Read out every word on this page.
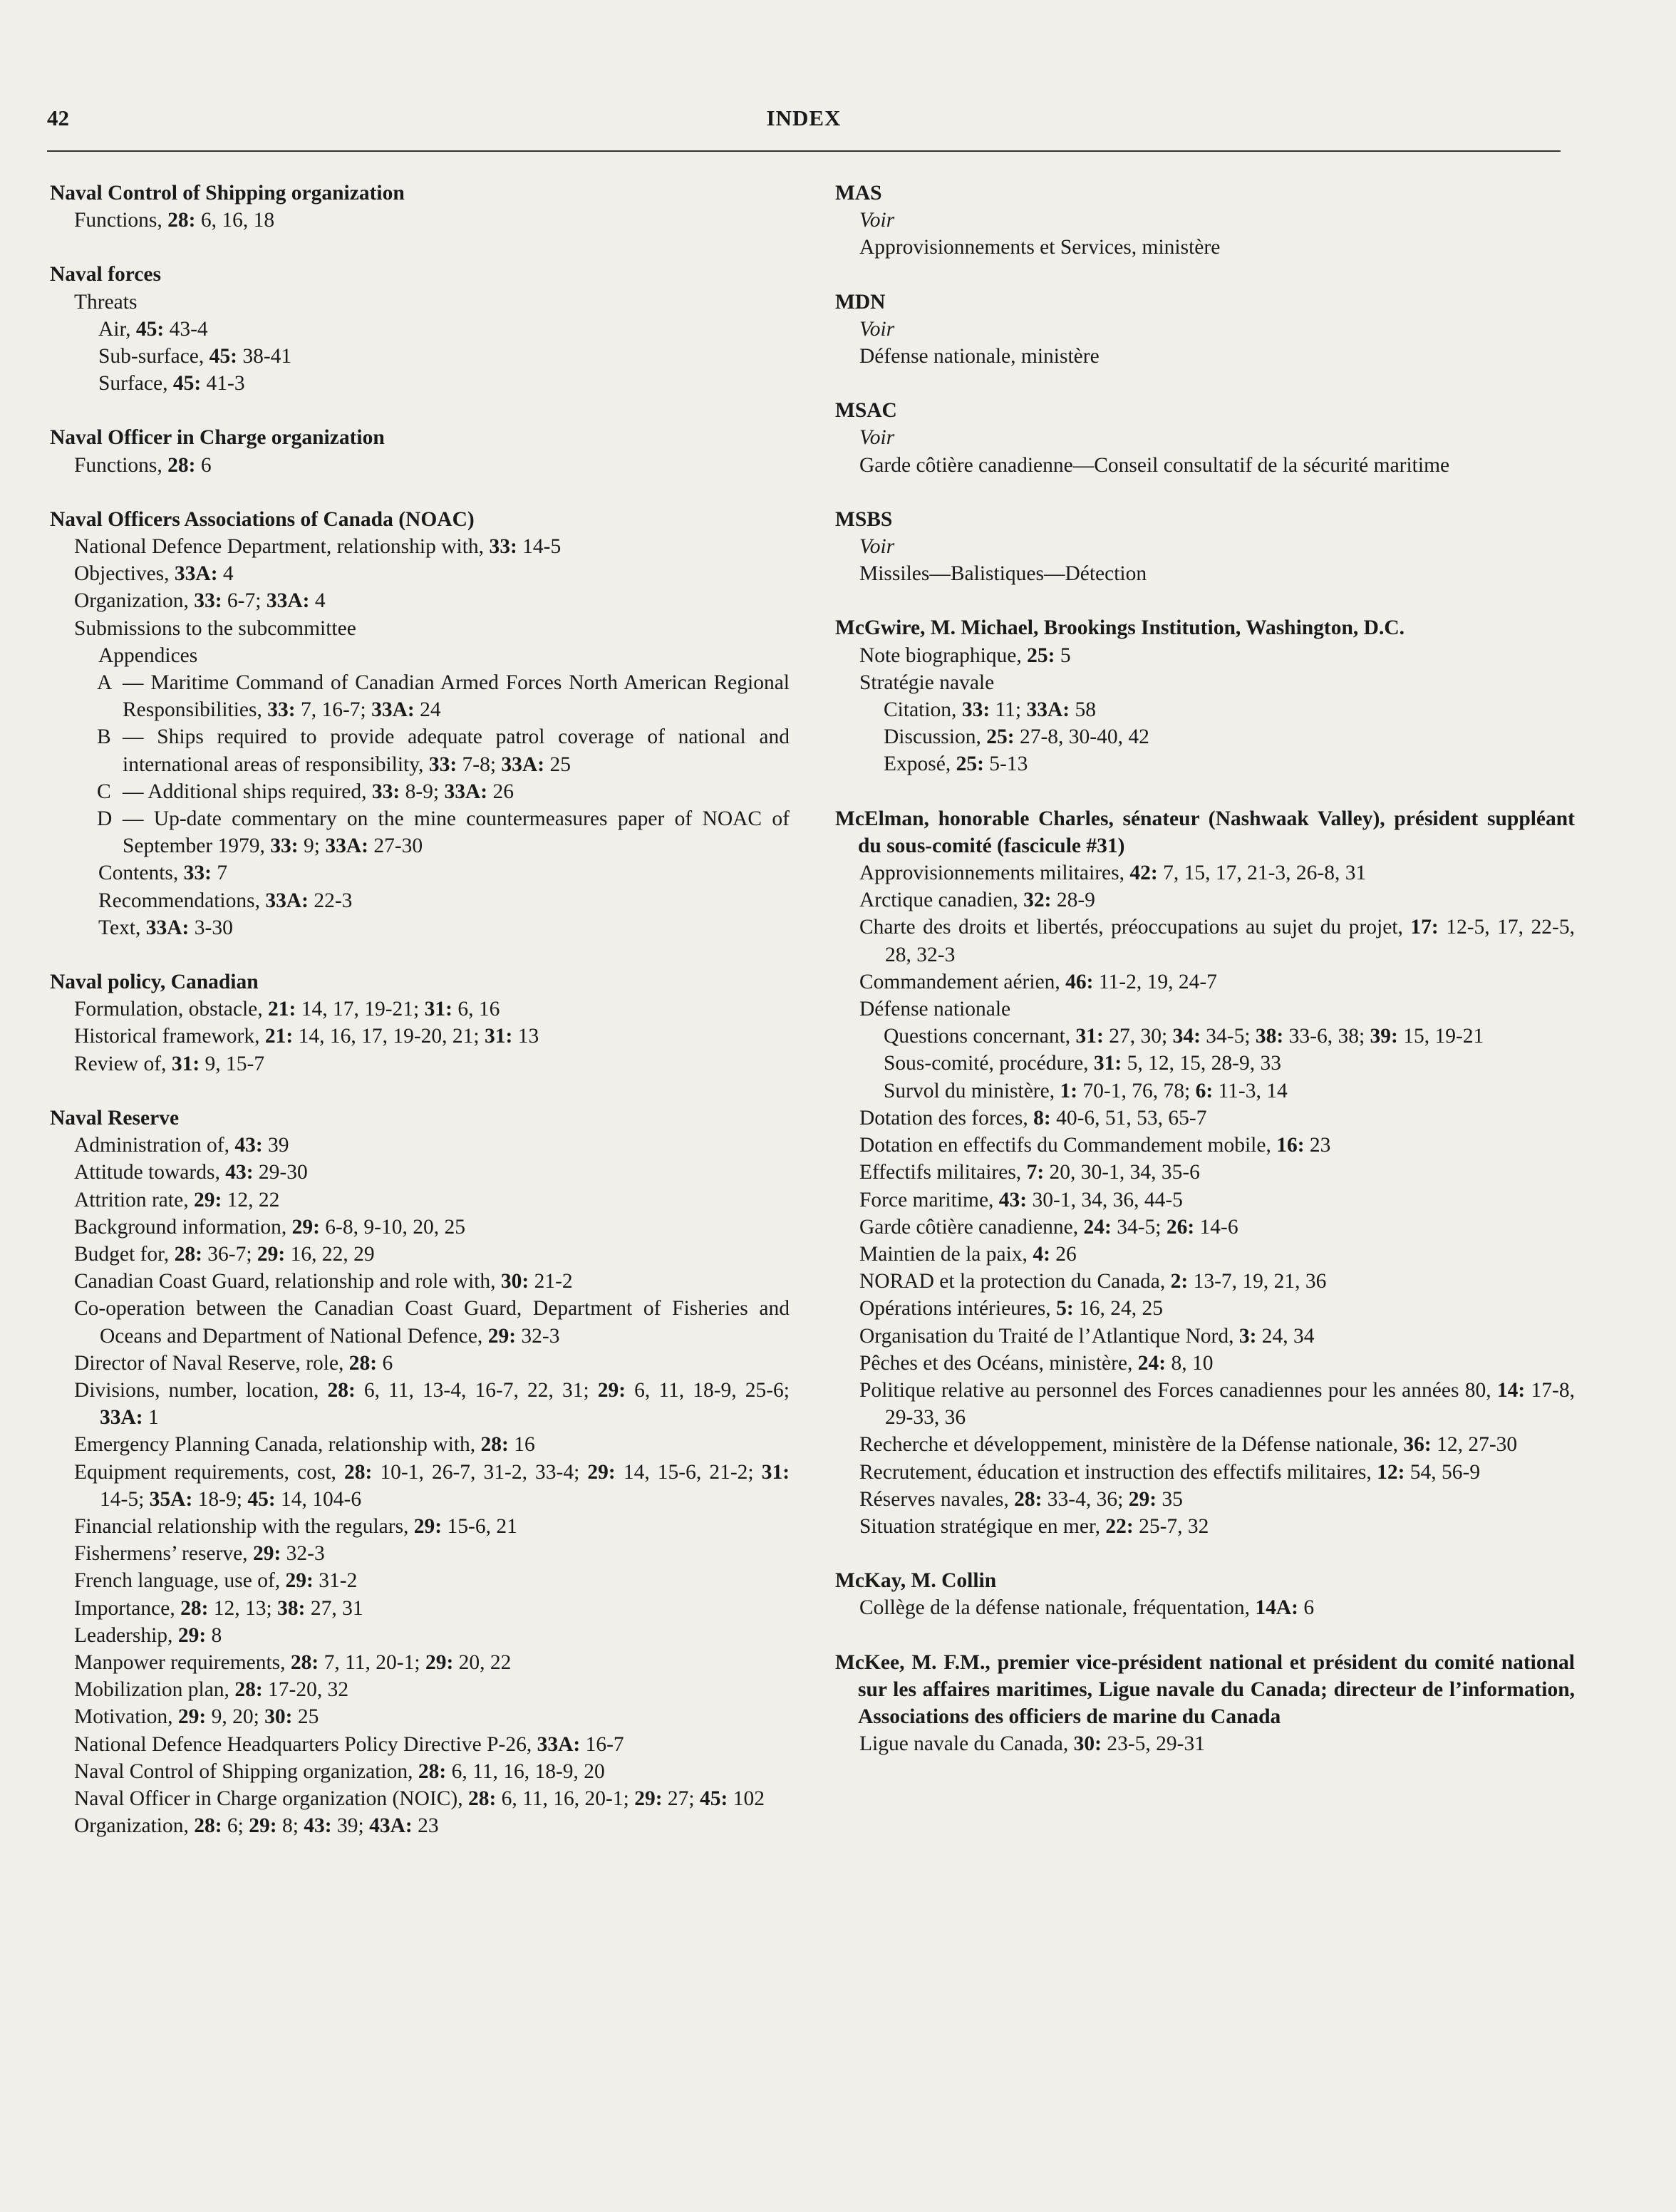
42	INDEX
Naval Control of Shipping organization
Functions, 28: 6, 16, 18
Naval forces
Threats
Air, 45: 43-4
Sub-surface, 45: 38-41
Surface, 45: 41-3
Naval Officer in Charge organization
Functions, 28: 6
Naval Officers Associations of Canada (NOAC)
National Defence Department, relationship with, 33: 14-5
Objectives, 33A: 4
Organization, 33: 6-7; 33A: 4
Submissions to the subcommittee
Appendices
A — Maritime Command of Canadian Armed Forces North American Regional Responsibilities, 33: 7, 16-7; 33A: 24
B — Ships required to provide adequate patrol coverage of national and international areas of responsibility, 33: 7-8; 33A: 25
C — Additional ships required, 33: 8-9; 33A: 26
D — Up-date commentary on the mine countermeasures paper of NOAC of September 1979, 33: 9; 33A: 27-30
Contents, 33: 7
Recommendations, 33A: 22-3
Text, 33A: 3-30
Naval policy, Canadian
Formulation, obstacle, 21: 14, 17, 19-21; 31: 6, 16
Historical framework, 21: 14, 16, 17, 19-20, 21; 31: 13
Review of, 31: 9, 15-7
Naval Reserve
Administration of, 43: 39
Attitude towards, 43: 29-30
Attrition rate, 29: 12, 22
Background information, 29: 6-8, 9-10, 20, 25
Budget for, 28: 36-7; 29: 16, 22, 29
Canadian Coast Guard, relationship and role with, 30: 21-2
Co-operation between the Canadian Coast Guard, Department of Fisheries and Oceans and Department of National Defence, 29: 32-3
Director of Naval Reserve, role, 28: 6
Divisions, number, location, 28: 6, 11, 13-4, 16-7, 22, 31; 29: 6, 11, 18-9, 25-6; 33A: 1
Emergency Planning Canada, relationship with, 28: 16
Equipment requirements, cost, 28: 10-1, 26-7, 31-2, 33-4; 29: 14, 15-6, 21-2; 31: 14-5; 35A: 18-9; 45: 14, 104-6
Financial relationship with the regulars, 29: 15-6, 21
Fishermens’ reserve, 29: 32-3
French language, use of, 29: 31-2
Importance, 28: 12, 13; 38: 27, 31
Leadership, 29: 8
Manpower requirements, 28: 7, 11, 20-1; 29: 20, 22
Mobilization plan, 28: 17-20, 32
Motivation, 29: 9, 20; 30: 25
National Defence Headquarters Policy Directive P-26, 33A: 16-7
Naval Control of Shipping organization, 28: 6, 11, 16, 18-9, 20
Naval Officer in Charge organization (NOIC), 28: 6, 11, 16, 20-1; 29: 27; 45: 102
Organization, 28: 6; 29: 8; 43: 39; 43A: 23
MAS
Voir
Approvisionnements et Services, ministère
MDN
Voir
Défense nationale, ministère
MSAC
Voir
Garde côtière canadienne—Conseil consultatif de la sécurité maritime
MSBS
Voir
Missiles—Balistiques—Détection
McGwire, M. Michael, Brookings Institution, Washington, D.C.
Note biographique, 25: 5
Stratégie navale
Citation, 33: 11; 33A: 58
Discussion, 25: 27-8, 30-40, 42
Exposé, 25: 5-13
McElman, honorable Charles, sénateur (Nashwaak Valley), président suppléant du sous-comité (fascicule #31)
Approvisionnements militaires, 42: 7, 15, 17, 21-3, 26-8, 31
Arctique canadien, 32: 28-9
Charte des droits et libertés, préoccupations au sujet du projet, 17: 12-5, 17, 22-5, 28, 32-3
Commandement aérien, 46: 11-2, 19, 24-7
Défense nationale
Questions concernant, 31: 27, 30; 34: 34-5; 38: 33-6, 38; 39: 15, 19-21
Sous-comité, procédure, 31: 5, 12, 15, 28-9, 33
Survol du ministère, 1: 70-1, 76, 78; 6: 11-3, 14
Dotation des forces, 8: 40-6, 51, 53, 65-7
Dotation en effectifs du Commandement mobile, 16: 23
Effectifs militaires, 7: 20, 30-1, 34, 35-6
Force maritime, 43: 30-1, 34, 36, 44-5
Garde côtière canadienne, 24: 34-5; 26: 14-6
Maintien de la paix, 4: 26
NORAD et la protection du Canada, 2: 13-7, 19, 21, 36
Opérations intérieures, 5: 16, 24, 25
Organisation du Traité de l’Atlantique Nord, 3: 24, 34
Pêches et des Océans, ministère, 24: 8, 10
Politique relative au personnel des Forces canadiennes pour les années 80, 14: 17-8, 29-33, 36
Recherche et développement, ministère de la Défense nationale, 36: 12, 27-30
Recrutement, éducation et instruction des effectifs militaires, 12: 54, 56-9
Réserves navales, 28: 33-4, 36; 29: 35
Situation stratégique en mer, 22: 25-7, 32
McKay, M. Collin
Collège de la défense nationale, fréquentation, 14A: 6
McKee, M. F.M., premier vice-président national et président du comité national sur les affaires maritimes, Ligue navale du Canada; directeur de l’information, Associations des officiers de marine du Canada
Ligue navale du Canada, 30: 23-5, 29-31
